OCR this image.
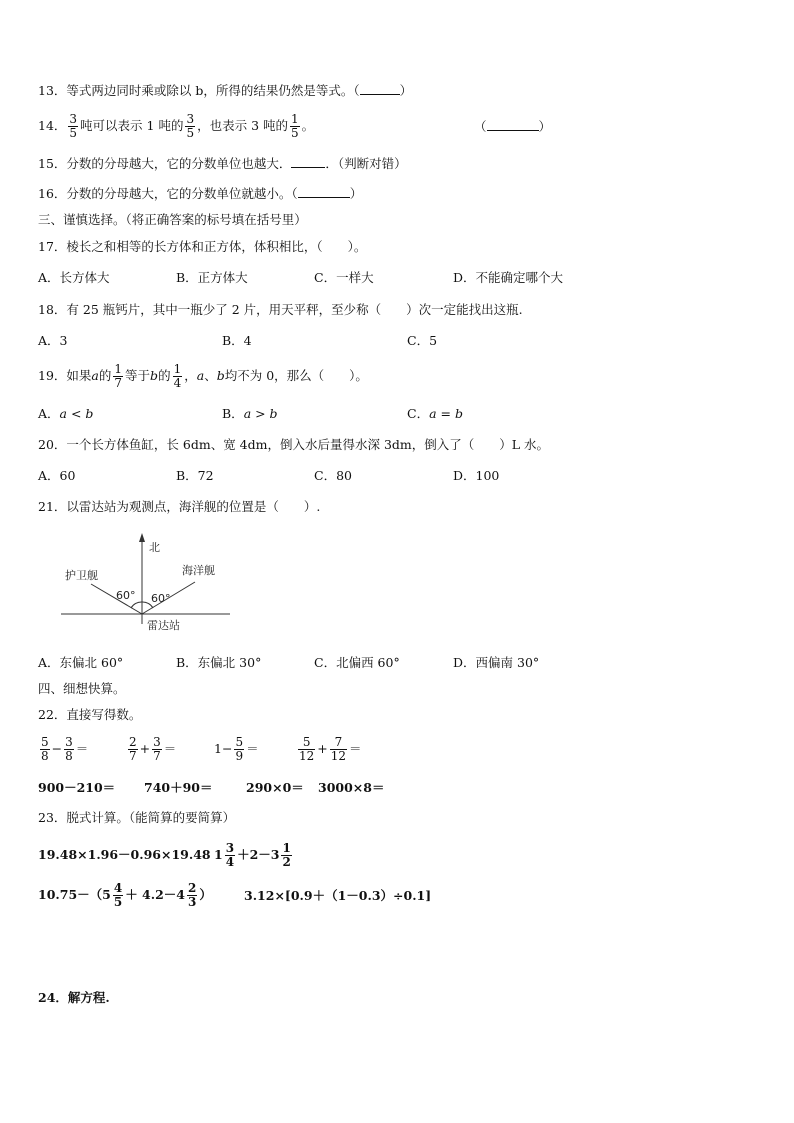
13．等式两边同时乘或除以 b，所得的结果仍然是等式。（	）
14． $\frac{3}{5}$ 吨可以表示 1 吨的 $\frac{3}{5}$ ，也表示 3 吨的 $\frac{1}{5}$ 。	（	）
15．分数的分母越大，它的分数单位也越大．	．（判断对错）
16．分数的分母越大，它的分数单位就越小。（	）
三、谨慎选择。（将正确答案的标号填在括号里）
17．棱长之和相等的长方体和正方体，体积相比，（　　）。
A．长方体大	B．正方体大	C．一样大	D．不能确定哪个大
18．有 25 瓶钙片，其中一瓶少了 2 片，用天平秤，至少称（　　）次一定能找出这瓶.
A．3	B．4	C．5
19．如果a的 $\frac{1}{7}$ 等于b的 $\frac{1}{4}$ ，a、b均不为 0，那么（　　）。
A．a < b	B．a > b	C．a = b
20．一个长方体鱼缸，长 6dm、宽 4dm，倒入水后量得水深 3dm，倒入了（　　）L 水。
A．60	B．72	C．80	D．100
21．以雷达站为观测点，海洋舰的位置是（　　）.
北
护卫舰	海洋舰
60° 60°
雷达站
A．东偏北 60°	B．东偏北 30°	C．北偏西 60°	D．西偏南 30°
四、细想快算。
22．直接写得数。
$\frac{5}{8} - \frac{3}{8}$ ＝	$\frac{2}{7} + \frac{3}{7}$ ＝	$1- \frac{5}{9}$ ＝	$\frac{5}{12} + \frac{7}{12}$ ＝
900－210＝ 740＋90＝	290×0＝ 3000×8＝
23．脱式计算。（能简算的要简算）
19.48×1.96－0.96×19.48 $1 \frac{3}{4} +2-3 \frac{1}{2}$
$10.75-(5 \frac{4}{5} + 4.2-4 \frac{2}{3}$ ）	3.12×[0.9＋（1－0.3）÷0.1]
24．解方程.
